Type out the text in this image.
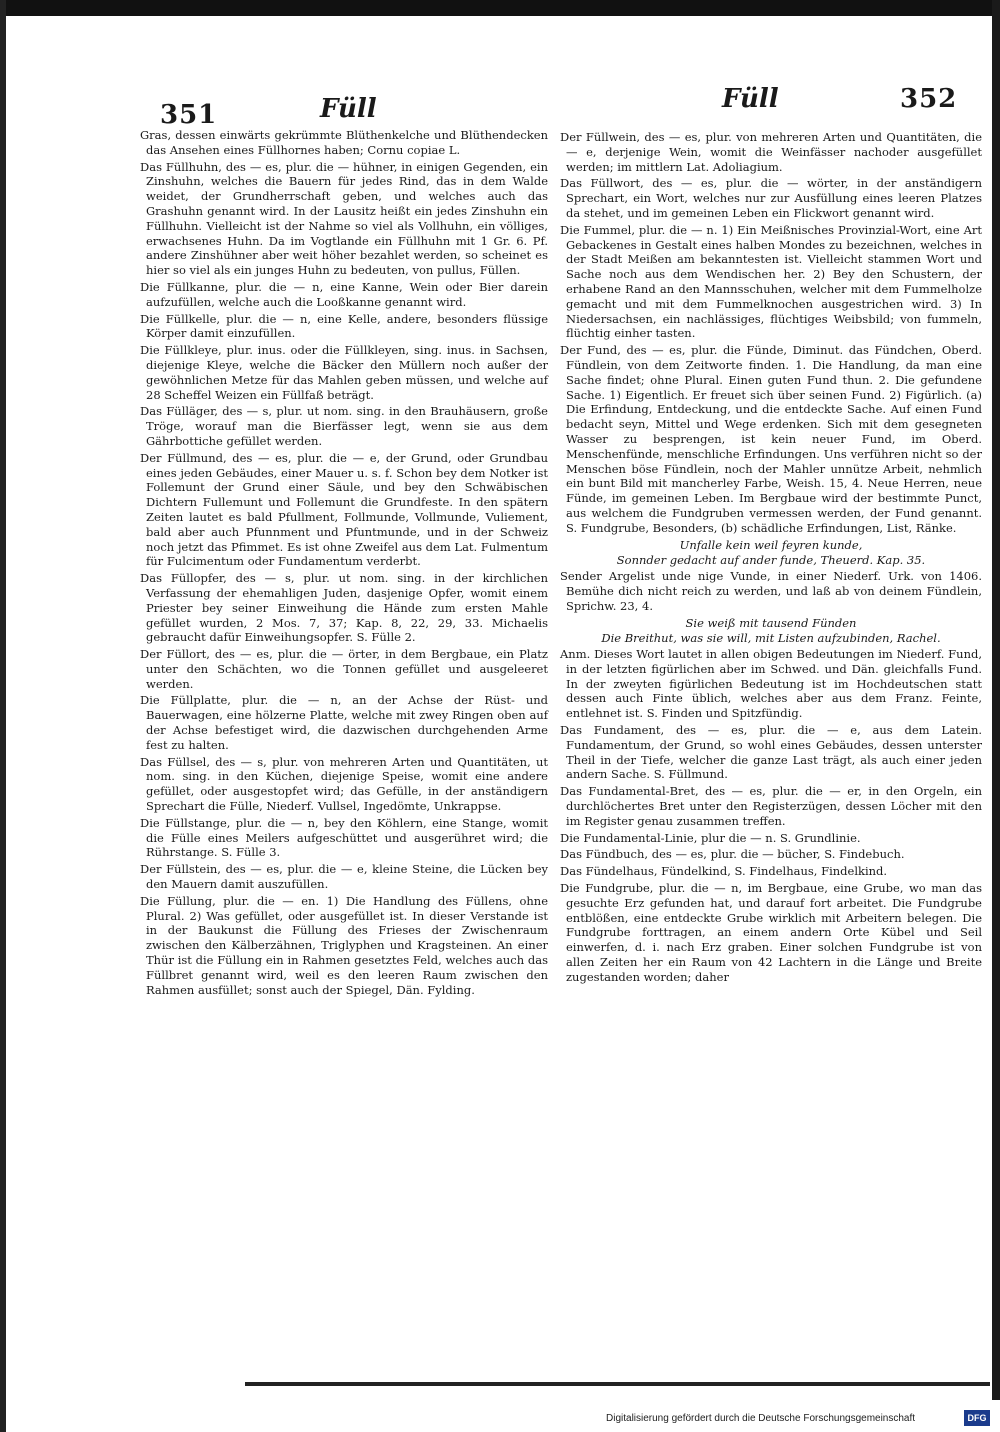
351	Füll	Füll	352

Gras, dessen einwärts gekrümmte Blüthenkelche und Blüthendecken das Ansehen eines Füllhornes haben; Cornu copiae L.

Das Füllhuhn, des — es, plur. die — hühner, in einigen Gegenden, ein Zinshuhn, welches die Bauern für jedes Rind, das in dem Walde weidet, der Grundherrschaft geben, und welches auch das Grashuhn genannt wird. In der Lausitz heißt ein jedes Zinshuhn ein Füllhuhn. Vielleicht ist der Nahme so viel als Vollhuhn, ein völliges, erwachsenes Huhn. Da im Vogtlande ein Füllhuhn mit 1 Gr. 6. Pf. andere Zinshühner aber weit höher bezahlet werden, so scheinet es hier so viel als ein junges Huhn zu bedeuten, von pullus, Füllen.

Die Füllkanne, plur. die — n, eine Kanne, Wein oder Bier darein aufzufüllen, welche auch die Looßkanne genannt wird.

Die Füllkelle, plur. die — n, eine Kelle, andere, besonders flüssige Körper damit einzufüllen.

Die Füllkleye, plur. inus. oder die Füllkleyen, sing. inus. in Sachsen, diejenige Kleye, welche die Bäcker den Müllern noch außer der gewöhnlichen Metze für das Mahlen geben müssen, und welche auf 28 Scheffel Weizen ein Füllfaß beträgt.

Das Fülläger, des — s, plur. ut nom. sing. in den Brauhäusern, große Tröge, worauf man die Bierfässer legt, wenn sie aus dem Gährbottiche gefüllet werden.

Der Füllmund, des — es, plur. die — e, der Grund, oder Grundbau eines jeden Gebäudes, einer Mauer u. s. f. Schon bey dem Notker ist Follemunt der Grund einer Säule, und bey den Schwäbischen Dichtern Fullemunt und Follemunt die Grundfeste. In den spätern Zeiten lautet es bald Pfullment, Follmunde, Vollmunde, Vuliement, bald aber auch Pfunnment und Pfuntmunde, und in der Schweiz noch jetzt das Pfimmet. Es ist ohne Zweifel aus dem Lat. Fulmentum für Fulcimentum oder Fundamentum verderbt.

Das Füllopfer, des — s, plur. ut nom. sing. in der kirchlichen Verfassung der ehemahligen Juden, dasjenige Opfer, womit einem Priester bey seiner Einweihung die Hände zum ersten Mahle gefüllet wurden, 2 Mos. 7, 37; Kap. 8, 22, 29, 33. Michaelis gebraucht dafür Einweihungsopfer. S. Fülle 2.

Der Füllort, des — es, plur. die — örter, in dem Bergbaue, ein Platz unter den Schächten, wo die Tonnen gefüllet und ausgeleeret werden.

Die Füllplatte, plur. die — n, an der Achse der Rüst- und Bauerwagen, eine hölzerne Platte, welche mit zwey Ringen oben auf der Achse befestiget wird, die dazwischen durchgehenden Arme fest zu halten.

Das Füllsel, des — s, plur. von mehreren Arten und Quantitäten, ut nom. sing. in den Küchen, diejenige Speise, womit eine andere gefüllet, oder ausgestopfet wird; das Gefülle, in der anständigern Sprechart die Fülle, Niederf. Vullsel, Ingedömte, Unkrappse.

Die Füllstange, plur. die — n, bey den Köhlern, eine Stange, womit die Fülle eines Meilers aufgeschüttet und ausgerühret wird; die Rührstange. S. Fülle 3.

Der Füllstein, des — es, plur. die — e, kleine Steine, die Lücken bey den Mauern damit auszufüllen.

Die Füllung, plur. die — en. 1) Die Handlung des Füllens, ohne Plural. 2) Was gefüllet, oder ausgefüllet ist. In dieser Verstande ist in der Baukunst die Füllung des Frieses der Zwischenraum zwischen den Kälberzähnen, Triglyphen und Kragsteinen. An einer Thür ist die Füllung ein in Rahmen gesetztes Feld, welches auch das Füllbret genannt wird, weil es den leeren Raum zwischen den Rahmen ausfüllet; sonst auch der Spiegel, Dän. Fylding.

Der Füllwein, des — es, plur. von mehreren Arten und Quantitäten, die — e, derjenige Wein, womit die Weinfässer nachoder ausgefüllet werden; im mittlern Lat. Adoliagium.

Das Füllwort, des — es, plur. die — wörter, in der anständigern Sprechart, ein Wort, welches nur zur Ausfüllung eines leeren Platzes da stehet, und im gemeinen Leben ein Flickwort genannt wird.

Die Fummel, plur. die — n. 1) Ein Meißnisches Provinzial-Wort, eine Art Gebackenes in Gestalt eines halben Mondes zu bezeichnen, welches in der Stadt Meißen am bekanntesten ist. Vielleicht stammen Wort und Sache noch aus dem Wendischen her. 2) Bey den Schustern, der erhabene Rand an den Mannsschuhen, welcher mit dem Fummelholze gemacht und mit dem Fummelknochen ausgestrichen wird. 3) In Niedersachsen, ein nachlässiges, flüchtiges Weibsbild; von fummeln, flüchtig einher tasten.

Der Fund, des — es, plur. die Fünde, Diminut. das Fündchen, Oberd. Fündlein, von dem Zeitworte finden. 1. Die Handlung, da man eine Sache findet; ohne Plural. Einen guten Fund thun. 2. Die gefundene Sache. 1) Eigentlich. Er freuet sich über seinen Fund. 2) Figürlich. (a) Die Erfindung, Entdeckung, und die entdeckte Sache. Auf einen Fund bedacht seyn, Mittel und Wege erdenken. Sich mit dem gesegneten Wasser zu besprengen, ist kein neuer Fund, im Oberd. Menschenfünde, menschliche Erfindungen. Uns verführen nicht so der Menschen böse Fündlein, noch der Mahler unnütze Arbeit, nehmlich ein bunt Bild mit mancherley Farbe, Weish. 15, 4. Neue Herren, neue Fünde, im gemeinen Leben. Im Bergbaue wird der bestimmte Punct, aus welchem die Fundgruben vermessen werden, der Fund genannt. S. Fundgrube, Besonders, (b) schädliche Erfindungen, List, Ränke.

Unfalle kein weil feyren kunde,

Sonnder gedacht auf ander funde, Theuerd. Kap. 35.

Sender Argelist unde nige Vunde, in einer Niederf. Urk. von 1406. Bemühe dich nicht reich zu werden, und laß ab von deinem Fündlein, Sprichw. 23, 4.

Sie weiß mit tausend Fünden

Die Breithut, was sie will, mit Listen aufzubinden, Rachel.

Anm. Dieses Wort lautet in allen obigen Bedeutungen im Niederf. Fund, in der letzten figürlichen aber im Schwed. und Dän. gleichfalls Fund. In der zweyten figürlichen Bedeutung ist im Hochdeutschen statt dessen auch Finte üblich, welches aber aus dem Franz. Feinte, entlehnet ist. S. Finden und Spitzfündig.

Das Fundament, des — es, plur. die — e, aus dem Latein. Fundamentum, der Grund, so wohl eines Gebäudes, dessen unterster Theil in der Tiefe, welcher die ganze Last trägt, als auch einer jeden andern Sache. S. Füllmund.

Das Fundamental-Bret, des — es, plur. die — er, in den Orgeln, ein durchlöchertes Bret unter den Registerzügen, dessen Löcher mit den im Register genau zusammen treffen.

Die Fundamental-Linie, plur die — n. S. Grundlinie.

Das Fündbuch, des — es, plur. die — bücher, S. Findebuch.

Das Fündelhaus, Fündelkind, S. Findelhaus, Findelkind.

Die Fundgrube, plur. die — n, im Bergbaue, eine Grube, wo man das gesuchte Erz gefunden hat, und darauf fort arbeitet. Die Fundgrube entblößen, eine entdeckte Grube wirklich mit Arbeitern belegen. Die Fundgrube forttragen, an einem andern Orte Kübel und Seil einwerfen, d. i. nach Erz graben. Einer solchen Fundgrube ist von allen Zeiten her ein Raum von 42 Lachtern in die Länge und Breite zugestanden worden; daher

Digitalisierung gefördert durch die Deutsche Forschungsgemeinschaft	DFG
